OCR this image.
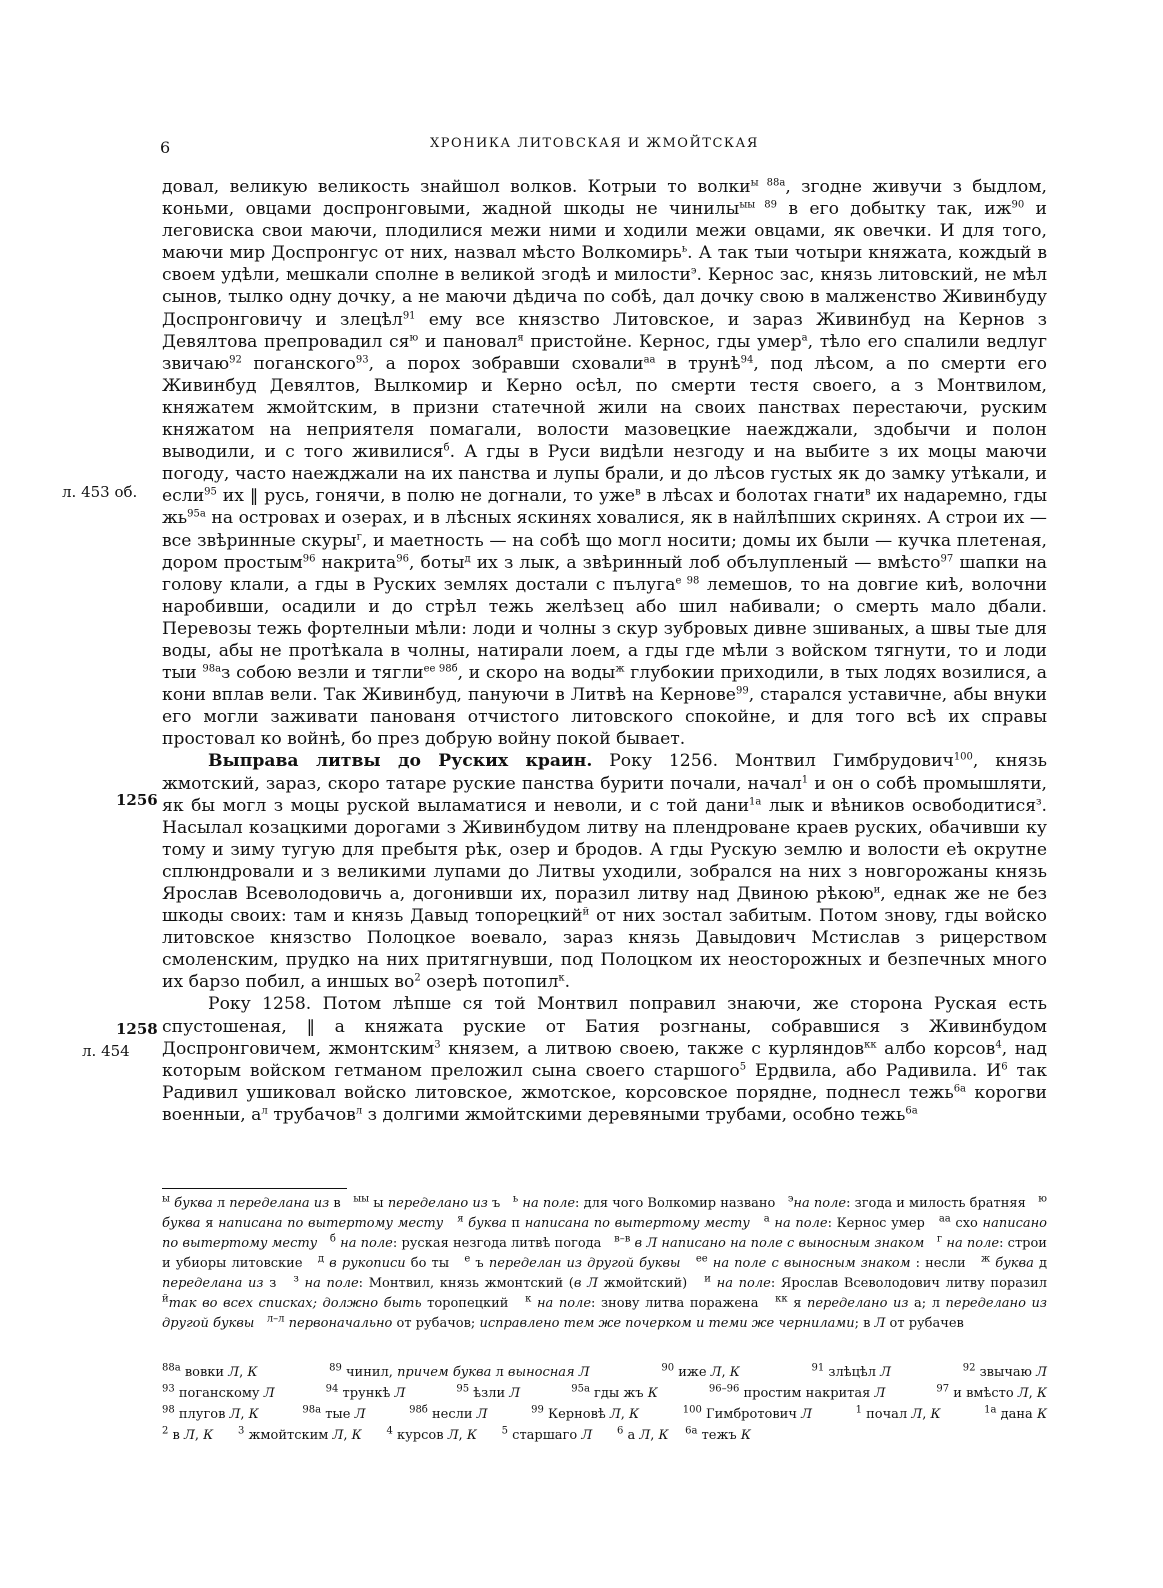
6	ХРОНИКА ЛИТОВСКАЯ И ЖМОЙТСКАЯ
л. 453 об.
1256
1258
л. 454

довал, великую великость знайшол волков. Котрыи то волки$^{ы 88а}$, згодне живучи з быдлом, коньми, овцами доспронговыми, жадной шкоды не чинилы$^{ыы 89}$ в его добытку так, $иж^{90}$ и леговиска свои маючи, плодилися межи ними и ходили межи овцами, як овечки. И для того, маючи мир Доспронгус от них, назвал мѣсто Волкомирь$^ь$. А так тыи чотыри княжата, кождый в своем удѣли, мешкали сполне в великой згодѣ и милости$^э$. Кернос зас, князь литовский, не мѣл сынов, тылко одну дочку, а не маючи дѣдича по собѣ, дал дочку свою в малженство Живинбуду Доспронговичу и злецѣл$^{91}$ ему все князство Литовское, и зараз Живинбуд на Кернов з Девялтова препровадил $ся^ю$ и пановал$^я$ пристойне. Кернос, гды умер$^а$, тѣло его спалили ведлуг звичаю$^{92}$ поганского$^{93}$, а порох зобравши сховали$^{аа}$ в трунѣ$^{94}$, под лѣсом, а по смерти его Живинбуд Девялтов, Вылкомир и Керно осѣл, по смерти тестя своего, а з Монтвилом, княжатем жмойтским, в призни статечной жили на своих панствах перестаючи, руским княжатом на неприятеля помагали, волости мазовецкие наежджали, здобычи и полон выводили, и с того живилися$^б$. А гды в Руси видѣли незгоду и на выбите з их моцы маючи погоду, часто наежджали на их панства и лупы брали, и до лѣсов густых як до замку утѣкали, и если$^{95}$ их ‖ русь, гонячи, в полю не догнали, то уже$^в$ в лѣсах и болотах гнати$^в$ их надаремно, гды $жь^{95а}$ на островах и озерах, и в лѣсных яскинях ховалися, як в найлѣпших скринях. А строи их — все звѣринные скуры$^г$, и маетность — на собѣ що могл носити; домы их были — кучка плетеная, дором простым$^{96}$ накрита$^{96}$, боты$^д$ их з лык, а звѣринный лоб обълупленый — вмѣсто$^{97}$ шапки на голову клали, а гды в Руских землях достали с пълуга$^{е 98}$ лемешов, то на довгие киѣ, волочни наробивши, осадили и до стрѣл тежь желѣзец або шил набивали; о смерть мало дбали. Перевозы тежь фортелныи мѣли: лоди и чолны з скур зубровых дивне зшиваных, а швы тые для воды, абы не протѣкала в чолны, натирали лоем, а гды где мѣли з войском тягнути, то и лоди тыи $^{98а}$з собою везли и тягли$^{ее 98б}$, и скоро на воды$^ж$ глубокии приходили, в тых лодях возилися, а кони вплав вели. Так Живинбуд, пануючи в Литвѣ на Кернове$^{99}$, старался уставичне, абы внуки его могли заживати панованя отчистого литовского спокойне, и для того всѣ их справы простовал ко войнѣ, бо през добрую войну покой бывает.

Выправа литвы до Руских краин. Року 1256. Монтвил Гимбрудович$^{100}$, князь жмотский, зараз, скоро татаре руские панства бурити почали, начал$^1$ и он о собѣ промышляти, як бы могл з моцы руской выламатися и неволи, и с той дани$^{1а}$ лык и вѣников освободитися$^з$. Насылал козацкими дорогами з Живинбудом литву на плендроване краев руских, обачивши ку тому и зиму тугую для пребытя рѣк, озер и бродов. А гды Рускую землю и волости еѣ окрутне сплюндровали и з великими лупами до Литвы уходили, зобрался на них з новгорожаны князь Ярослав Всеволодовичь а, догонивши их, поразил литву над Двиною рѣкою$^и$, еднак же не без шкоды своих: там и князь Давыд топорецкий$^й$ от них зостал забитым. Потом зновy, гды войско литовское князство Полоцкое воевало, зараз князь Давыдович Мстислав з рицерством смоленским, прудко на них притягнувши, под Полоцком их неосторожных и безпечных много их барзо побил, а иншых $во^2$ озерѣ потопил$^к$.

Року 1258. Потом лѣпше ся той Монтвил поправил знаючи, же сторона Руская есть спустошеная, ‖ а княжата руские от Батия розгнаны, собравшися з Живинбудом Доспронговичем, жмонтским$^3$ князем, а литвою своею, также с курляндов$^{кк}$ албо корсов$^4$, над которым войском гетманом преложил сына своего старшого$^5$ Ердвила, або Радивила. $И^6$ так Радивил ушиковал войско литовское, жмотское, корсовское порядне, поднесл тежь$^{6а}$ корогви военныи, $а^л$ трубачов$^л$ з долгими жмойтскими деревяными трубами, особно тежь$^{6а}$

$^ы$ буква л переделана из в   $^{ыы}$ ы переделано из ъ   $^ь$ на поле: для чого Волкомир названо   $^э$на поле: згода и милость братняя   $^ю$ буква я написана по вытертому месту $^я$ буква п написана по вытертому месту $^а$ на поле: Кернос умер   $^{аа}$ схо написано по вытертому месту $^б$ на поле: руская незгода литвѣ погода   $^{в-в}$ в Л написано на поле с выносным знаком $^г$ на поле: строи и убиоры литовские   $^д$ в рукописи бо ты   $^е$ ъ переделан из другой буквы $^{ее}$ на поле с выносным знаком : несли   $^ж$ буква д переделана из з   $^з$ на поле: Монтвил, князь жмонтский (в Л жмойтский)   $^и$ на поле: Ярослав Всеволодович литву поразил $^й$так во всех списках; должно быть торопецкий   $^к$ на поле: знову литва поражена   $^{кк}$ я переделано из а; л переделано из другой буквы $^{л-л}$ первоначально от рубачов; исправлено тем же почерком и теми же чернилами; в Л от рубачев
$^{88а}$ вовки Л, К	$^{89}$ чинил, причем буква л выносная Л	$^{90}$ иже Л, К	$^{91}$ злѣцѣл Л	$^{92}$ звычаю Л
$^{93}$ поганскому Л	$^{94}$ трункѣ Л	$^{95}$ ѣзли Л	$^{95а}$ гды жъ К	$^{96-96}$ простим накритая Л	$^{97}$ и вмѣсто Л, К
$^{98}$ плугов Л, К	$^{98а}$ тые Л	$^{98б}$ несли Л	$^{99}$ Керновѣ Л, К	$^{100}$ Гимбротович Л	$^1$ почал Л, К	$^{1а}$ дана К
$^2$ в Л, К $^3$ жмойтским Л, К $^4$ курсов Л, К $^5$ старшаго Л $^6$ а Л, К $^{6а}$ тежъ К
